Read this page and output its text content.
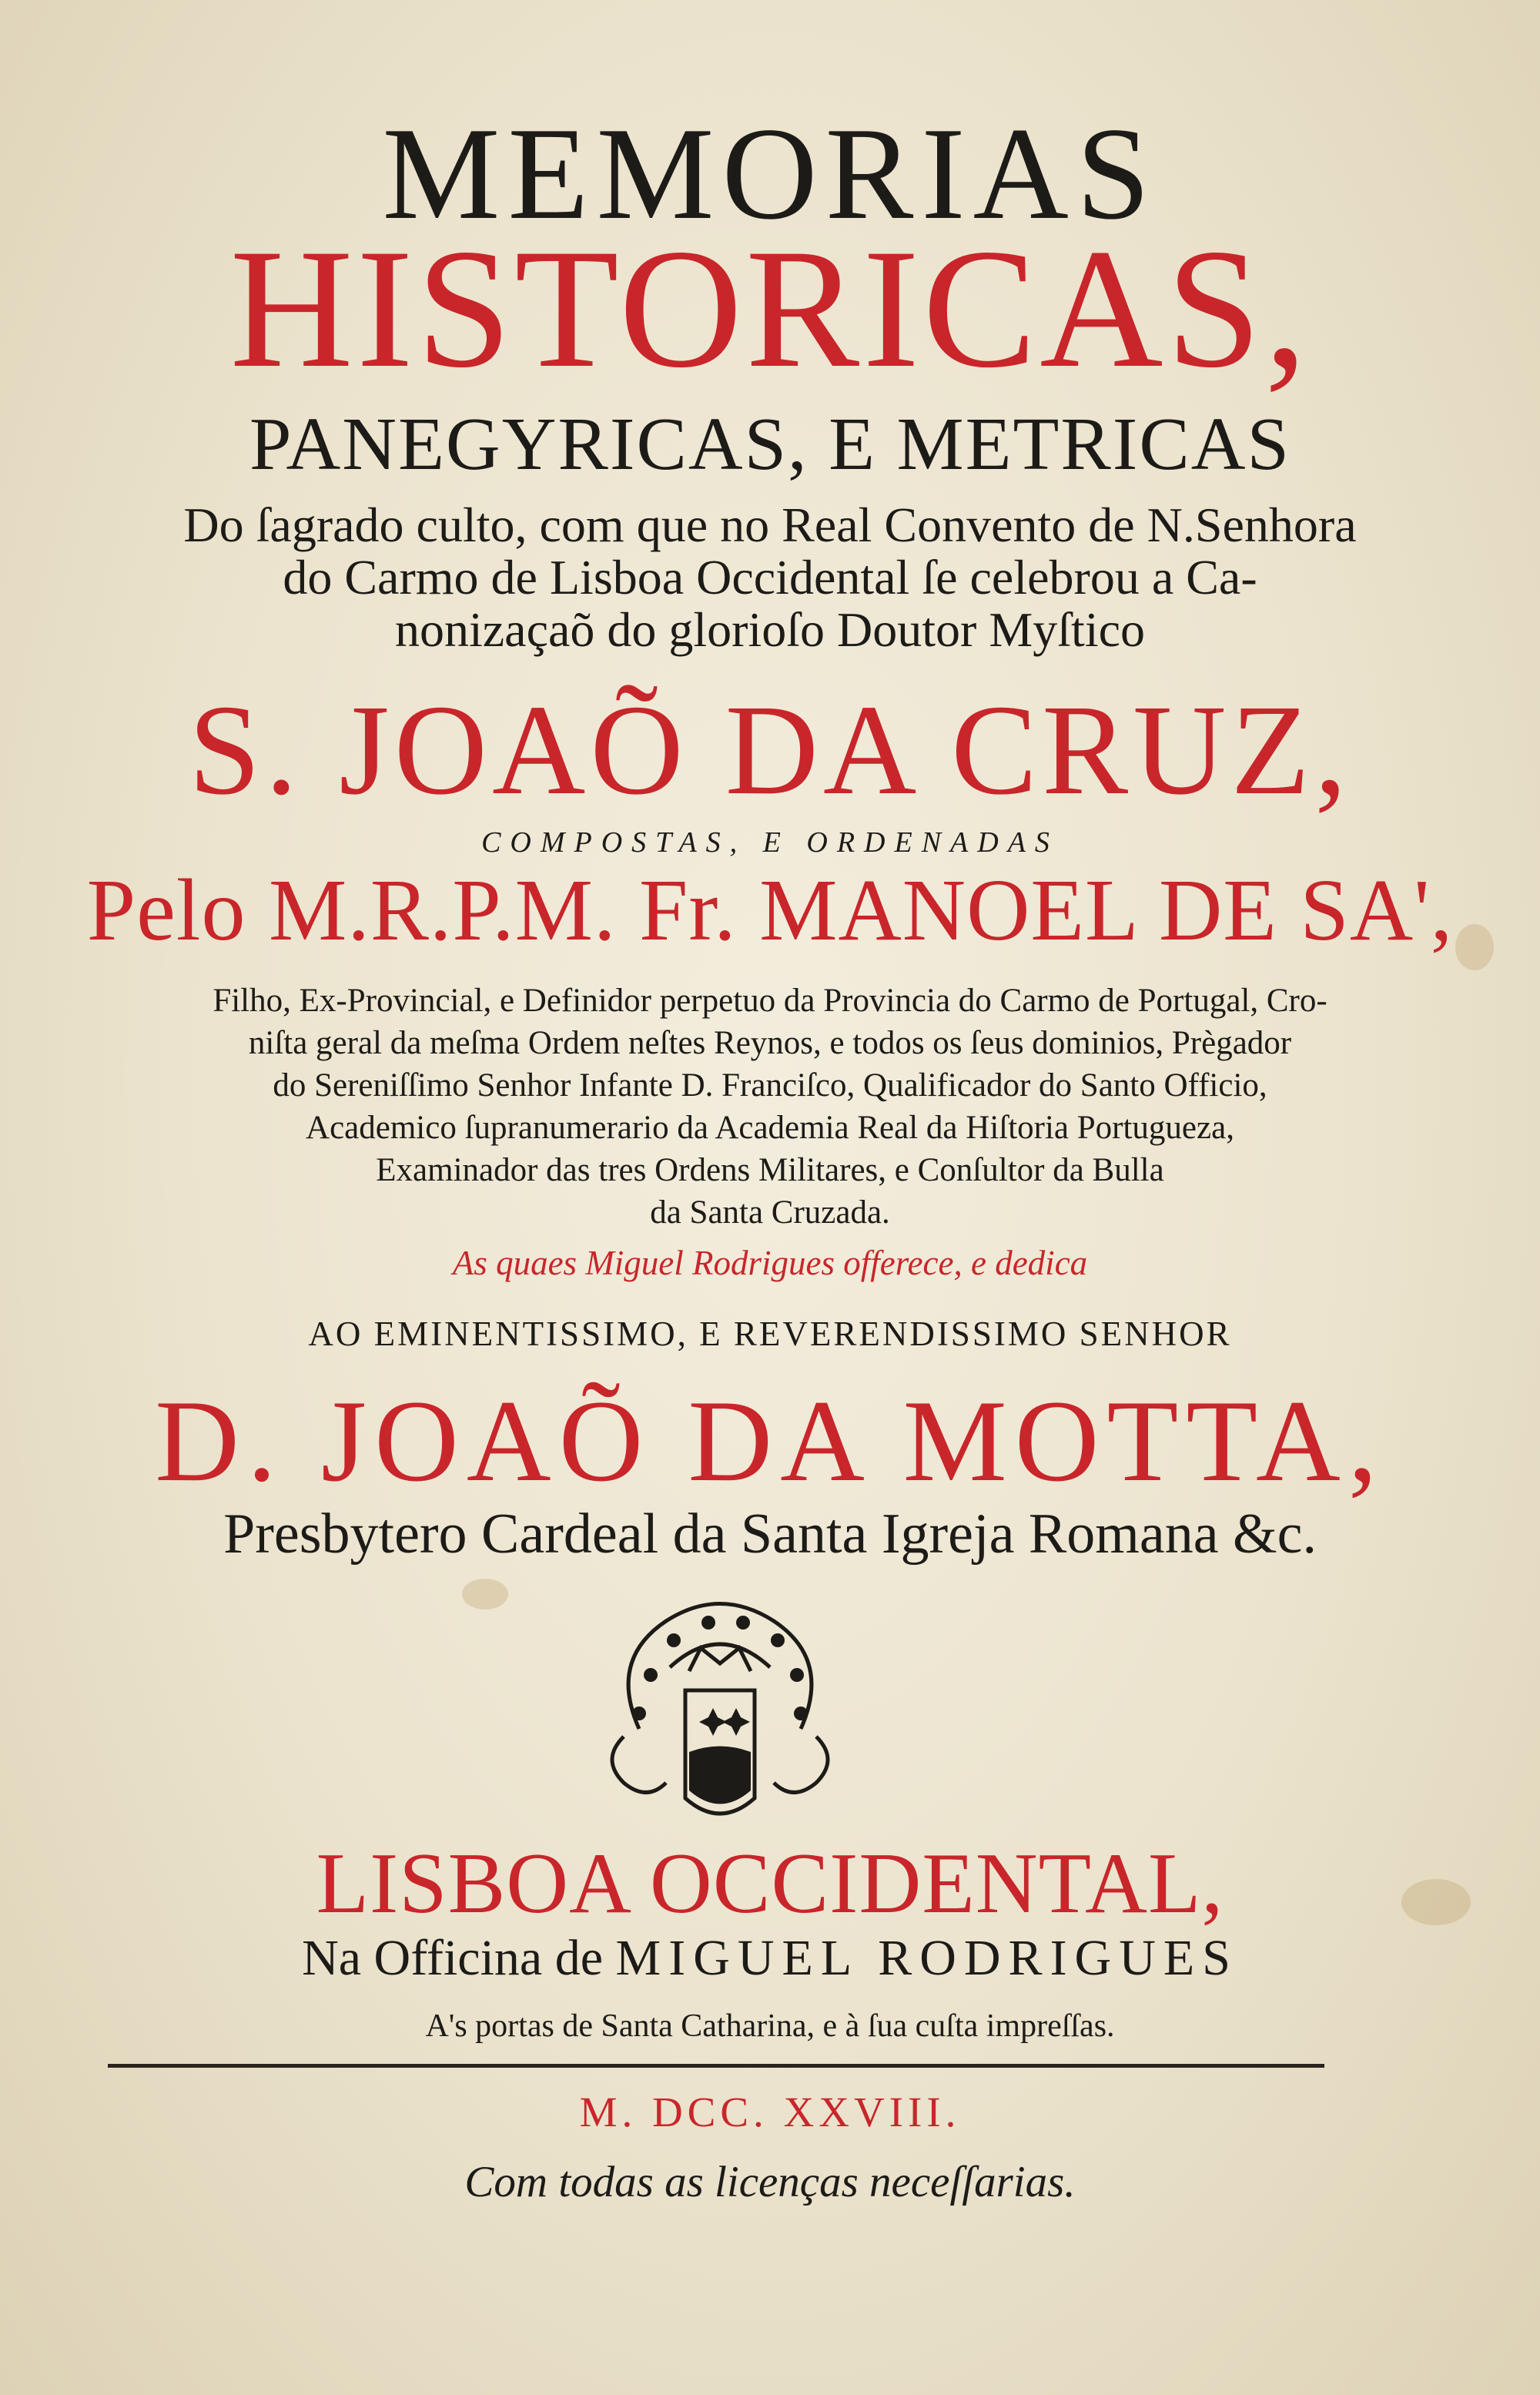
MEMORIAS
HISTORICAS,
PANEGYRICAS, E METRICAS
Do ſagrado culto, com que no Real Convento de N.Senhora
do Carmo de Lisboa Occidental ſe celebrou a Ca-
nonizaçaõ do glorioſo Doutor Myſtico
S. JOAÕ DA CRUZ,
COMPOSTAS, E ORDENADAS
Pelo M.R.P.M. Fr. MANOEL DE SA',
Filho, Ex-Provincial, e Definidor perpetuo da Provincia do Carmo de Portugal, Cro-
niſta geral da meſma Ordem neſtes Reynos, e todos os ſeus dominios, Prègador
do Sereniſſimo Senhor Infante D. Franciſco, Qualificador do Santo Officio,
Academico ſupranumerario da Academia Real da Hiſtoria Portugueza,
Examinador das tres Ordens Militares, e Conſultor da Bulla
da Santa Cruzada.
As quaes Miguel Rodrigues offerece, e dedica
AO EMINENTISSIMO, E REVERENDISSIMO SENHOR
D. JOAÕ DA MOTTA,
Presbytero Cardeal da Santa Igreja Romana &c.
LISBOA OCCIDENTAL,
Na Officina de MIGUEL RODRIGUES
A's portas de Santa Catharina, e à ſua cuſta impreſſas.
M. DCC. XXVIII.
Com todas as licenças neceſſarias.
